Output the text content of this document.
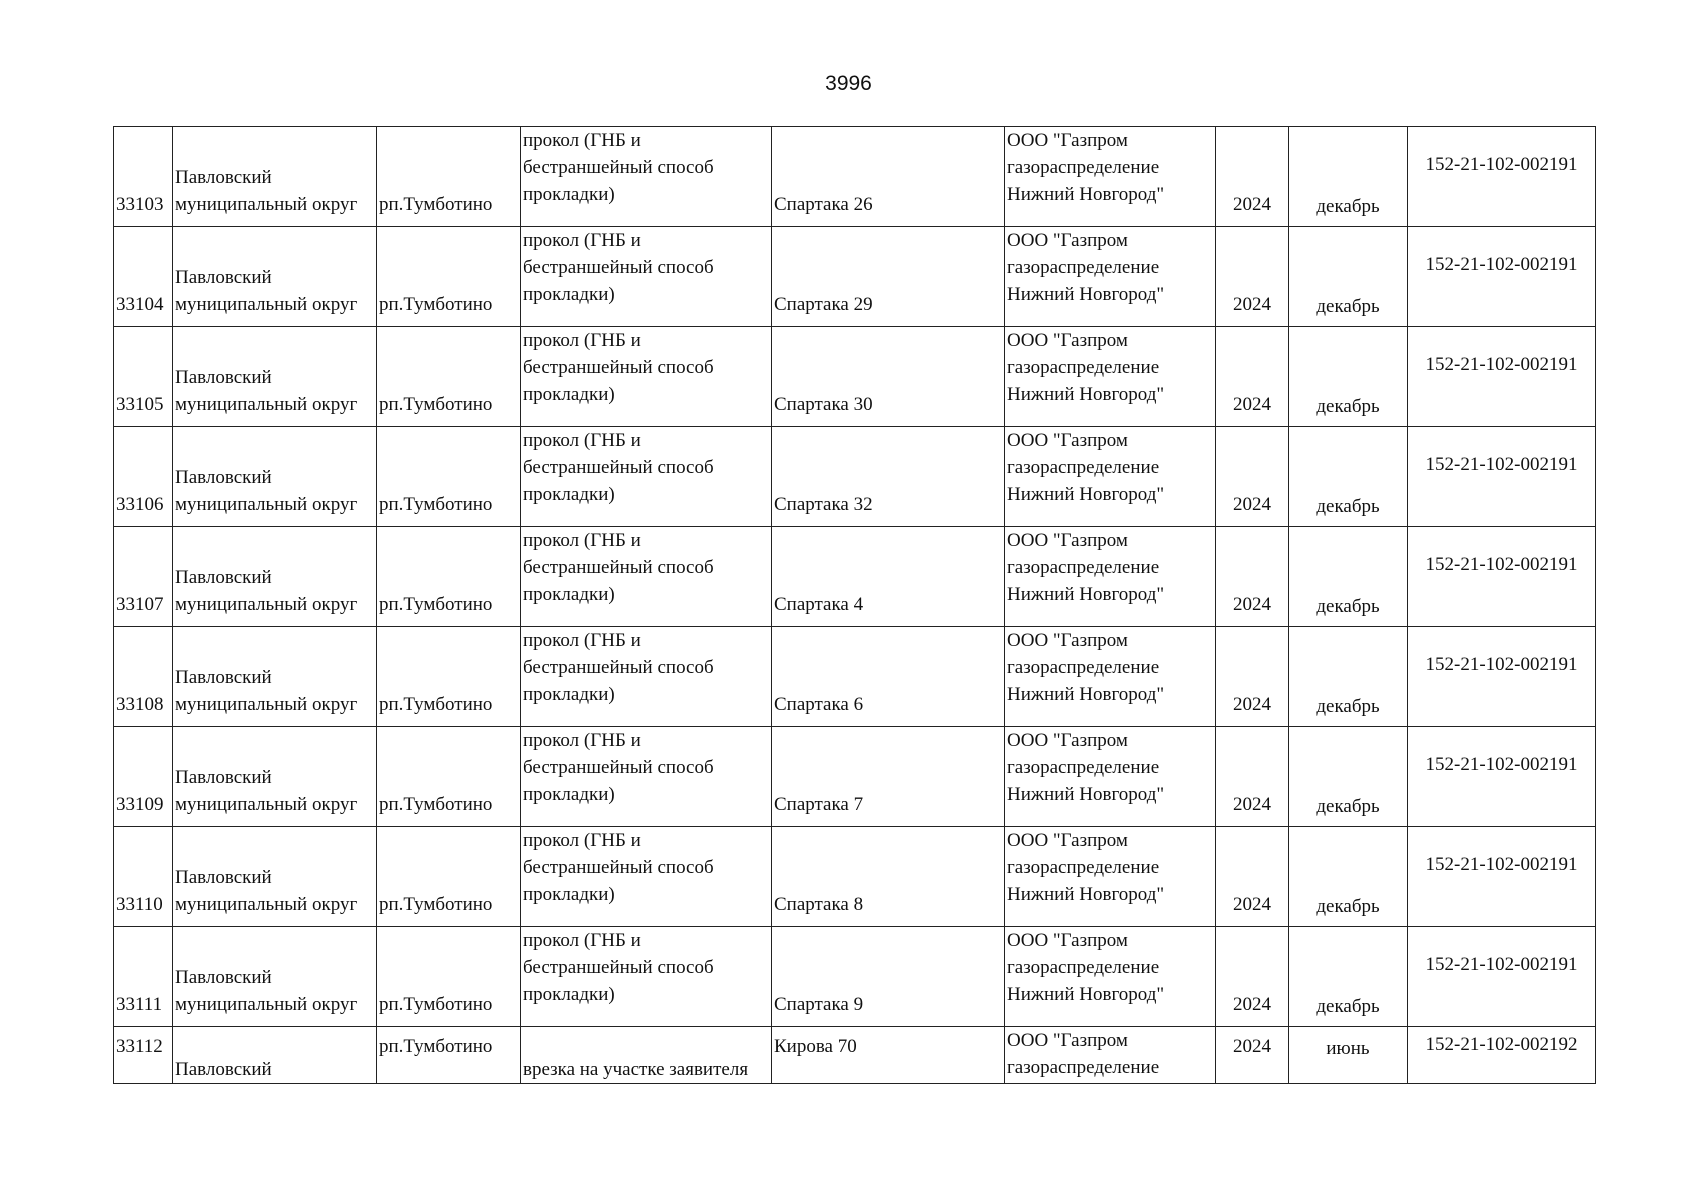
3996
33103	Павловский
муниципальный округ	рп.Тумботино	прокол (ГНБ и
бестраншейный способ
прокладки)	Спартака 26	ООО "Газпром
газораспределение
Нижний Новгород"	2024	декабрь	152-21-102-002191
33104	Павловский
муниципальный округ	рп.Тумботино	прокол (ГНБ и
бестраншейный способ
прокладки)	Спартака 29	ООО "Газпром
газораспределение
Нижний Новгород"	2024	декабрь	152-21-102-002191
33105	Павловский
муниципальный округ	рп.Тумботино	прокол (ГНБ и
бестраншейный способ
прокладки)	Спартака 30	ООО "Газпром
газораспределение
Нижний Новгород"	2024	декабрь	152-21-102-002191
33106	Павловский
муниципальный округ	рп.Тумботино	прокол (ГНБ и
бестраншейный способ
прокладки)	Спартака 32	ООО "Газпром
газораспределение
Нижний Новгород"	2024	декабрь	152-21-102-002191
33107	Павловский
муниципальный округ	рп.Тумботино	прокол (ГНБ и
бестраншейный способ
прокладки)	Спартака 4	ООО "Газпром
газораспределение
Нижний Новгород"	2024	декабрь	152-21-102-002191
33108	Павловский
муниципальный округ	рп.Тумботино	прокол (ГНБ и
бестраншейный способ
прокладки)	Спартака 6	ООО "Газпром
газораспределение
Нижний Новгород"	2024	декабрь	152-21-102-002191
33109	Павловский
муниципальный округ	рп.Тумботино	прокол (ГНБ и
бестраншейный способ
прокладки)	Спартака 7	ООО "Газпром
газораспределение
Нижний Новгород"	2024	декабрь	152-21-102-002191
33110	Павловский
муниципальный округ	рп.Тумботино	прокол (ГНБ и
бестраншейный способ
прокладки)	Спартака 8	ООО "Газпром
газораспределение
Нижний Новгород"	2024	декабрь	152-21-102-002191
33111	Павловский
муниципальный округ	рп.Тумботино	прокол (ГНБ и
бестраншейный способ
прокладки)	Спартака 9	ООО "Газпром
газораспределение
Нижний Новгород"	2024	декабрь	152-21-102-002191
33112	Павловский	рп.Тумботино	врезка на участке заявителя	Кирова 70	ООО "Газпром
газораспределение	2024	июнь	152-21-102-002192
